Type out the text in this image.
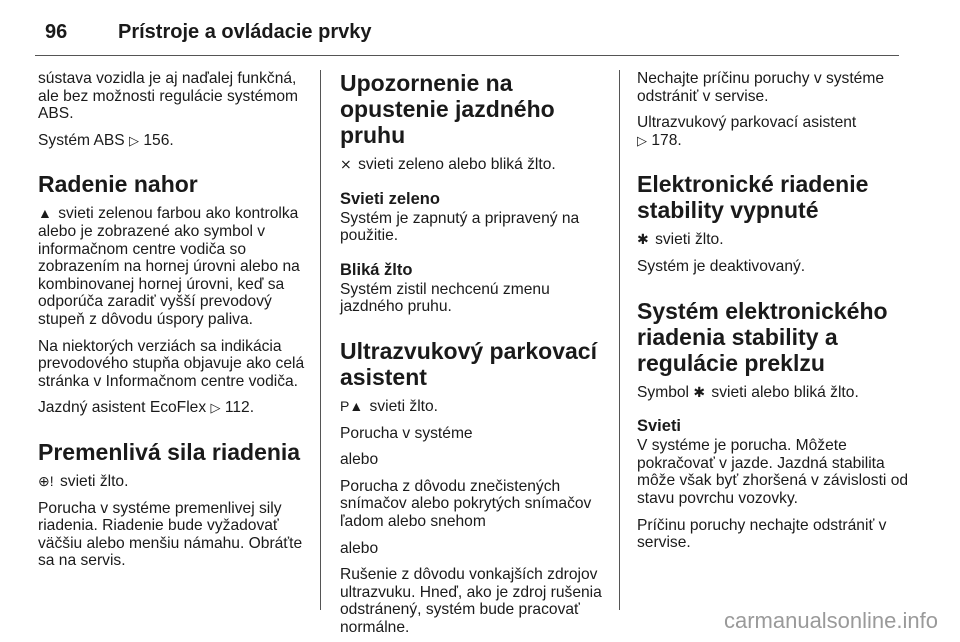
96	Prístroje a ovládacie prvky

sústava vozidla je aj naďalej funkčná, ale bez možnosti regulácie systémom ABS.

Systém ABS ▷ 156.

Radenie nahor

▲ svieti zelenou farbou ako kontrolka alebo je zobrazené ako symbol v informačnom centre vodiča so zobrazením na hornej úrovni alebo na kombinovanej hornej úrovni, keď sa odporúča zaradiť vyšší prevodový stupeň z dôvodu úspory paliva.

Na niektorých verziách sa indikácia prevodového stupňa objavuje ako celá stránka v Informačnom centre vodiča.

Jazdný asistent EcoFlex ▷ 112.

Premenlivá sila riadenia

⊕! svieti žlto.

Porucha v systéme premenlivej sily riadenia. Riadenie bude vyžadovať väčšiu alebo menšiu námahu. Obráťte sa na servis.

Upozornenie na opustenie jazdného pruhu

⨯ svieti zeleno alebo bliká žlto.

Svieti zeleno

Systém je zapnutý a pripravený na použitie.

Bliká žlto

Systém zistil nechcenú zmenu jazdného pruhu.

Ultrazvukový parkovací asistent

P▲ svieti žlto.

Porucha v systéme

alebo

Porucha z dôvodu znečistených snímačov alebo pokrytých snímačov ľadom alebo snehom

alebo

Rušenie z dôvodu vonkajších zdrojov ultrazvuku. Hneď, ako je zdroj rušenia odstránený, systém bude pracovať normálne.

Nechajte príčinu poruchy v systéme odstrániť v servise.

Ultrazvukový parkovací asistent
▷ 178.

Elektronické riadenie stability vypnuté

✱ svieti žlto.

Systém je deaktivovaný.

Systém elektronického riadenia stability a regulácie preklzu

Symbol ✱ svieti alebo bliká žlto.

Svieti

V systéme je porucha. Môžete pokračovať v jazde. Jazdná stabilita môže však byť zhoršená v závislosti od stavu povrchu vozovky.

Príčinu poruchy nechajte odstrániť v servise.

carmanualsonline.info
